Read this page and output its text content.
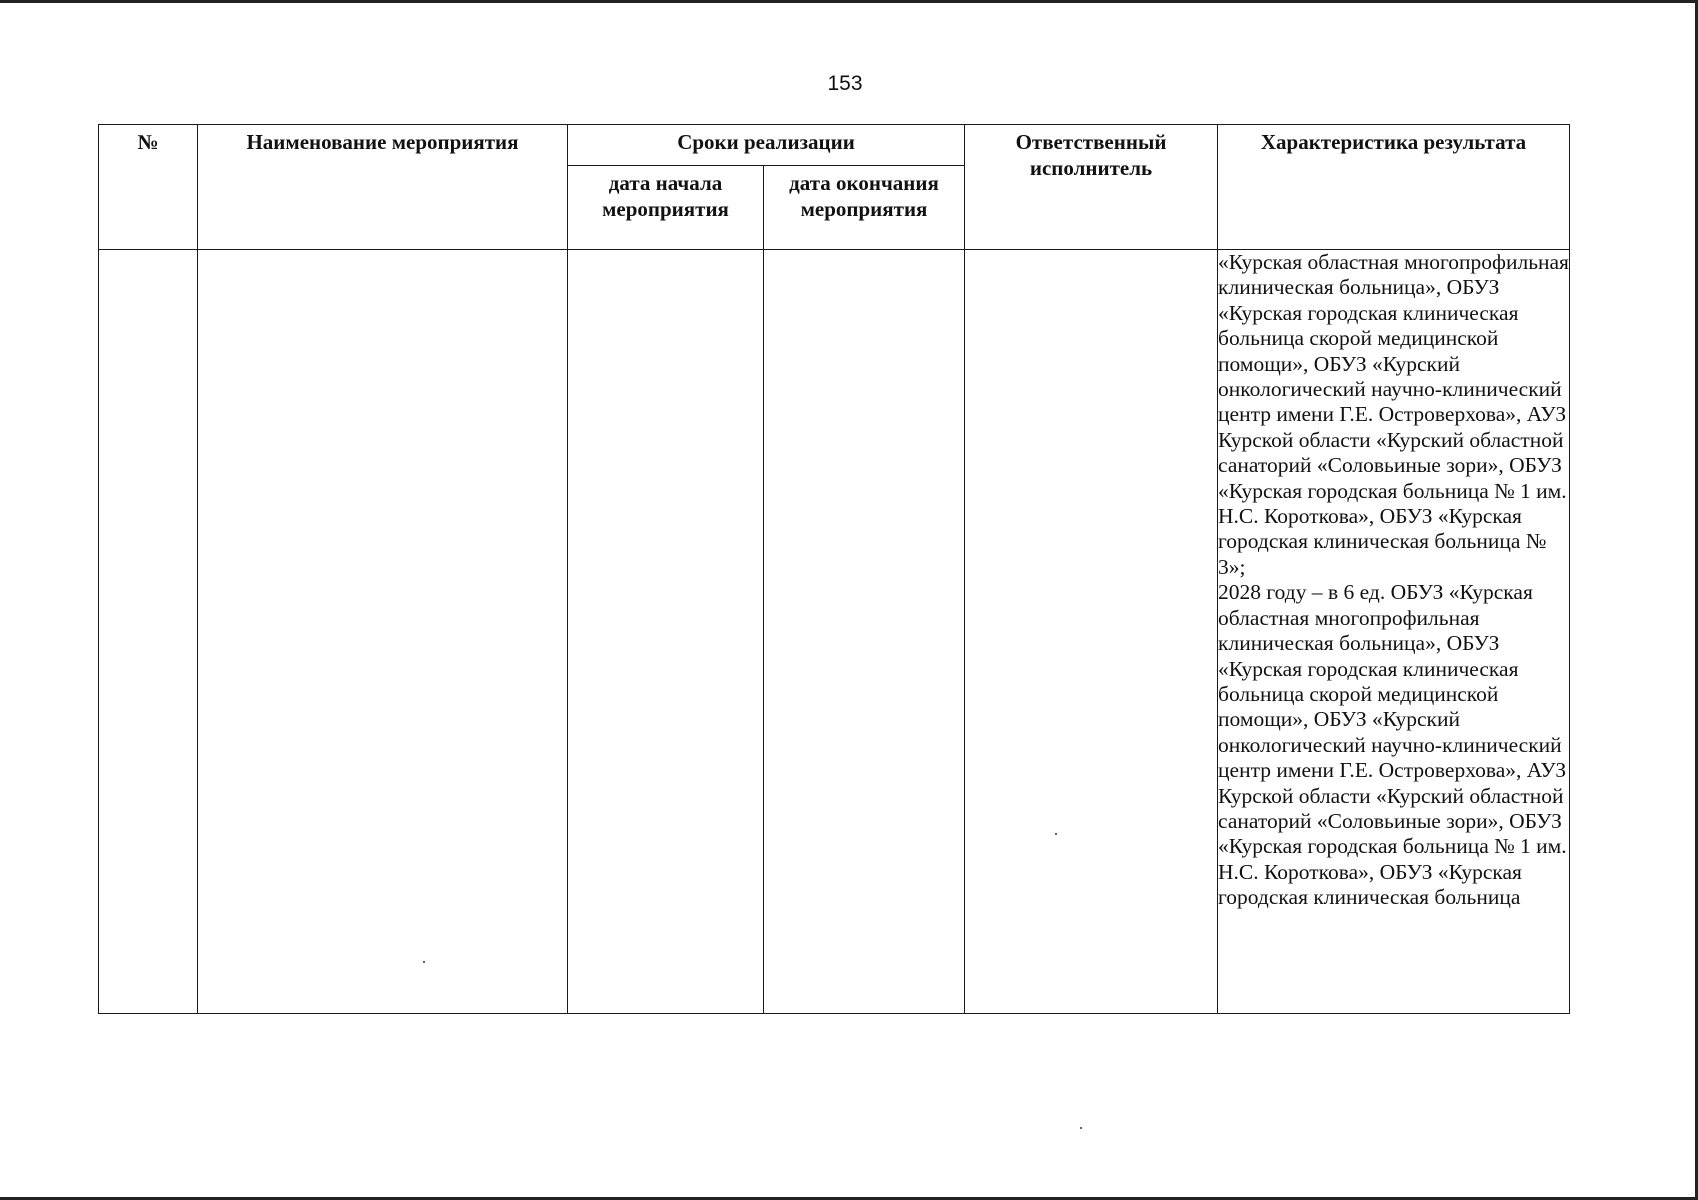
153
№	Наименование мероприятия	Сроки реализации		Ответственный исполнитель	Характеристика результата
		дата начала мероприятия	дата окончания мероприятия		

					«Курская областная многопрофильная клиническая больница», ОБУЗ «Курская городская клиническая больница скорой медицинской помощи», ОБУЗ «Курский онкологический научно-клинический центр имени Г.Е. Островерхова», АУЗ Курской области «Курский областной санаторий «Соловьиные зори», ОБУЗ «Курская городская больница № 1 им. Н.С. Короткова», ОБУЗ «Курская городская клиническая больница № 3»;
2028 году – в 6 ед. ОБУЗ «Курская областная многопрофильная клиническая больница», ОБУЗ «Курская городская клиническая больница скорой медицинской помощи», ОБУЗ «Курский онкологический научно-клинический центр имени Г.Е. Островерхова», АУЗ Курской области «Курский областной санаторий «Соловьиные зори», ОБУЗ «Курская городская больница № 1 им. Н.С. Короткова», ОБУЗ «Курская городская клиническая больница
